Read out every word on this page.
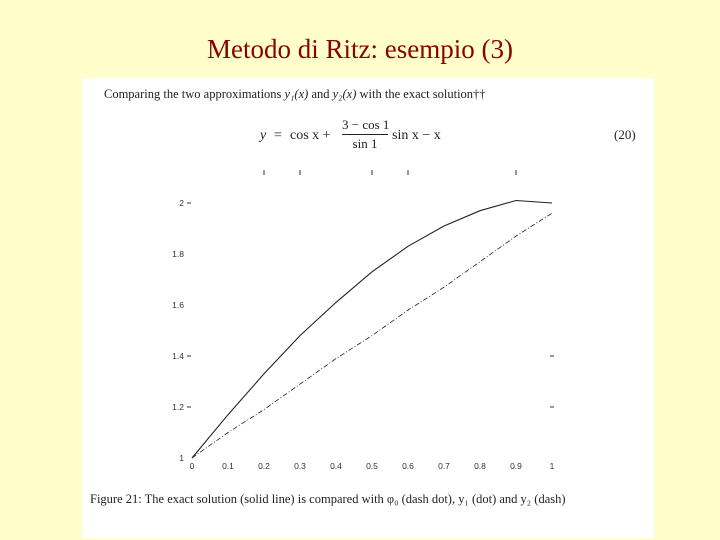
Metodo di Ritz: esempio (3)
Comparing the two approximations y₁(x) and y₂(x) with the exact solution††
$y = \cos x + \frac{3 - \cos 1}{\sin 1}$ sin x − x	(20)
1
1.2
1.4
1.6
1.8
2
0	0.1	0.2	0.3	0.4	0.5	0.6	0.7	0.8	0.9	1
Figure 21: The exact solution (solid line) is compared with φ₀ (dash dot), y₁ (dot) and y₂ (dash)
